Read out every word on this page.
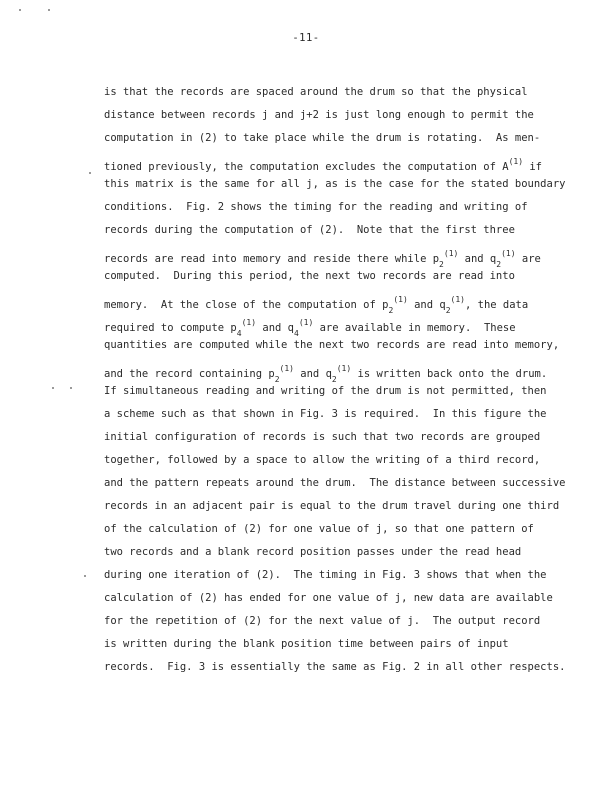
-11-
is that the records are spaced around the drum so that the physical
distance between records j and j+2 is just long enough to permit the
computation in (2) to take place while the drum is rotating.  As men-
tioned previously, the computation excludes the computation of $A^{(1)}$ if
this matrix is the same for all j, as is the case for the stated boundary
conditions.  Fig. 2 shows the timing for the reading and writing of
records during the computation of (2).  Note that the first three
records are read into memory and reside there while $p_2^{(1)}$ and $q_2^{(1)}$ are
computed.  During this period, the next two records are read into
memory.  At the close of the computation of $p_2^{(1)}$ and $q_2^{(1)}$, the data
required to compute $p_4^{(1)}$ and $q_4^{(1)}$ are available in memory.  These
quantities are computed while the next two records are read into memory,
and the record containing $p_2^{(1)}$ and $q_2^{(1)}$ is written back onto the drum.
If simultaneous reading and writing of the drum is not permitted, then
a scheme such as that shown in Fig. 3 is required.  In this figure the
initial configuration of records is such that two records are grouped
together, followed by a space to allow the writing of a third record,
and the pattern repeats around the drum.  The distance between successive
records in an adjacent pair is equal to the drum travel during one third
of the calculation of (2) for one value of j, so that one pattern of
two records and a blank record position passes under the read head
during one iteration of (2).  The timing in Fig. 3 shows that when the
calculation of (2) has ended for one value of j, new data are available
for the repetition of (2) for the next value of j.  The output record
is written during the blank position time between pairs of input
records.  Fig. 3 is essentially the same as Fig. 2 in all other respects.
